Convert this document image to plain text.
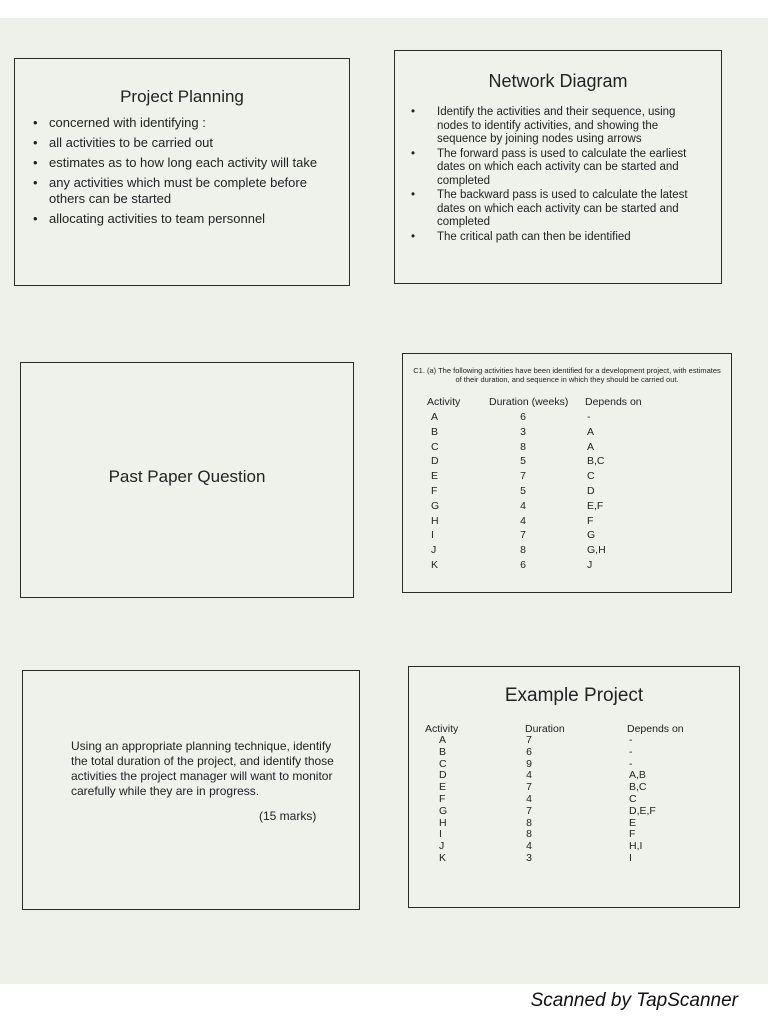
Project Planning
• concerned with identifying :
• all activities to be carried out
• estimates as to how long each activity will take
• any activities which must be complete before others can be started
• allocating activities to team personnel
Network Diagram
• Identify the activities and their sequence, using nodes to identify activities, and showing the sequence by joining nodes using arrows
• The forward pass is used to calculate the earliest dates on which each activity can be started and completed
• The backward pass is used to calculate the latest dates on which each activity can be started and completed
• The critical path can then be identified
Past Paper Question
C1. (a) The following activities have been identified for a development project, with estimates of their duration, and sequence in which they should be carried out.
Activity	Duration (weeks) Depends on
A	6	-
B	3	A
C	8	A
D	5	B,C
E	7	C
F	5	D
G	4	E,F
H	4	F
I	7	G
J	8	G,H
K	6	J
Using an appropriate planning technique, identify the total duration of the project, and identify those activities the project manager will want to monitor carefully while they are in progress.
(15 marks)
Example Project
Activity	Duration	Depends on
A	7	-
B	6	-
C	9	-
D	4	A,B
E	7	B,C
F	4	C
G	7	D,E,F
H	8	E
I	8	F
J	4	H,I
K	3	I
Scanned by TapScanner
